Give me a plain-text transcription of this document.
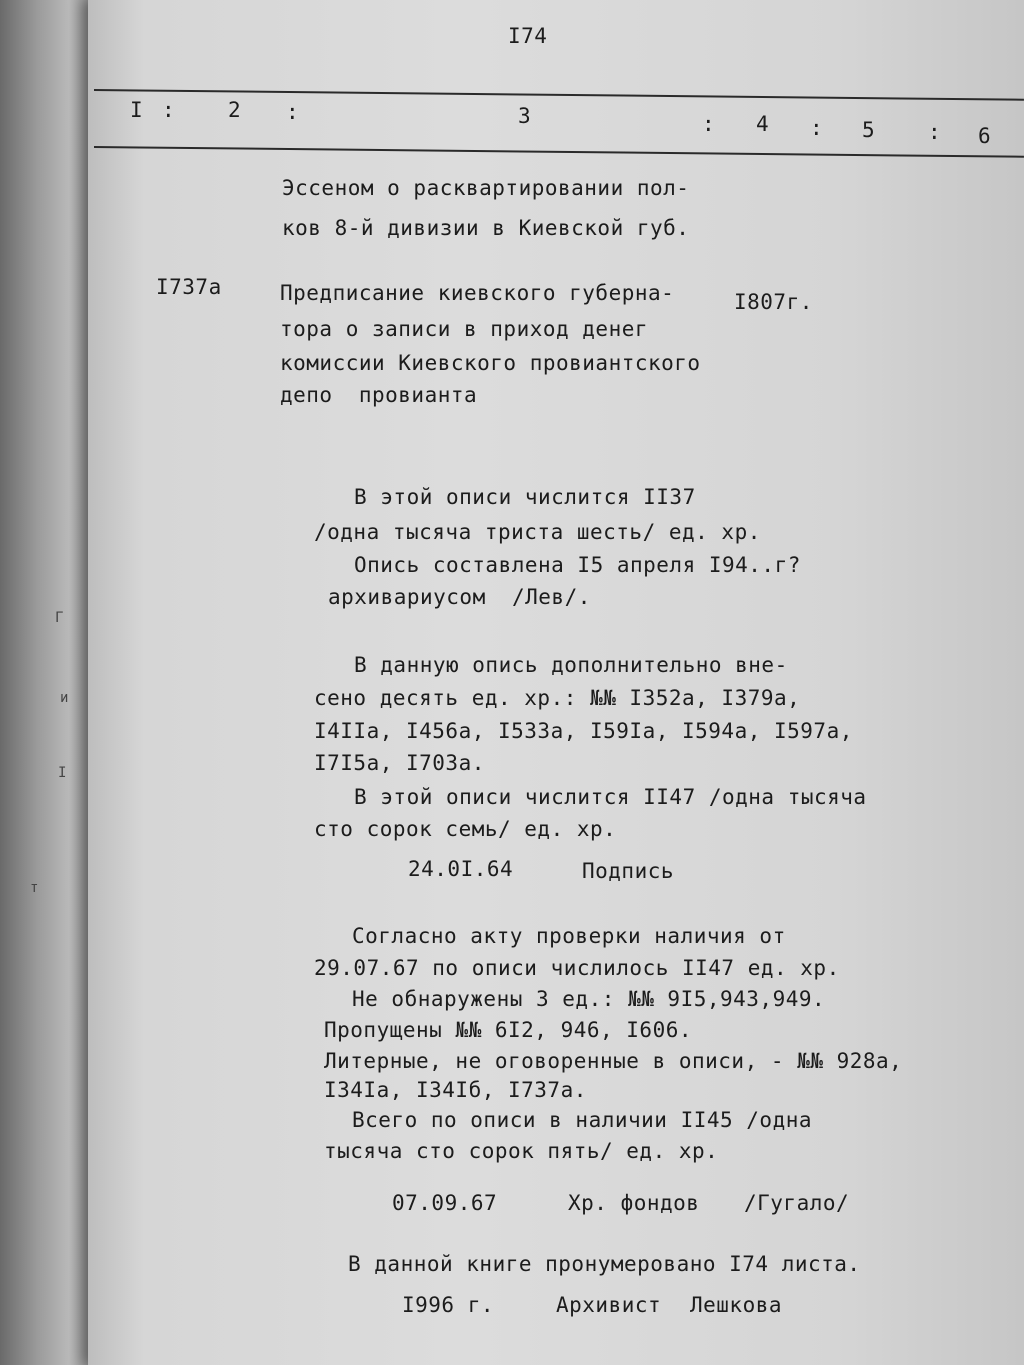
Г
и
I
т
I74
I :	2 :	3	: 4 : 5	: 6
Эссеном о расквартировании пол-
ков 8-й дивизии в Киевской губ.
I737a	Предписание киевского губерна-	I807г.
тора о записи в приход денег
комиссии Киевского провиантского
депо  провианта
В этой описи числится II37
/одна тысяча триста шесть/ ед. хр.
Опись составлена I5 апреля I94..г?
архивариусом  /Лев/.
В данную опись дополнительно вне-
сено десять ед. хр.: №№ I352а, I379а,
I4IIа, I456а, I533а, I59Iа, I594а, I597а,
I7I5а, I703а.
В этой описи числится II47 /одна тысяча
сто сорок семь/ ед. хр.
24.0I.64	Подпись
Согласно акту проверки наличия от
29.07.67 по описи числилось II47 ед. хр.
Не обнаружены 3 ед.: №№ 9I5,943,949.
Пропущены №№ 6I2, 946, I606.
Литерные, не оговоренные в описи, - №№ 928а,
I34Iа, I34Iб, I737а.
Всего по описи в наличии II45 /одна
тысяча сто сорок пять/ ед. хр.
07.09.67	Хр. фондов /Гугало/
В данной книге пронумеровано I74 листа.
I996 г.	Архивист Лешкова
